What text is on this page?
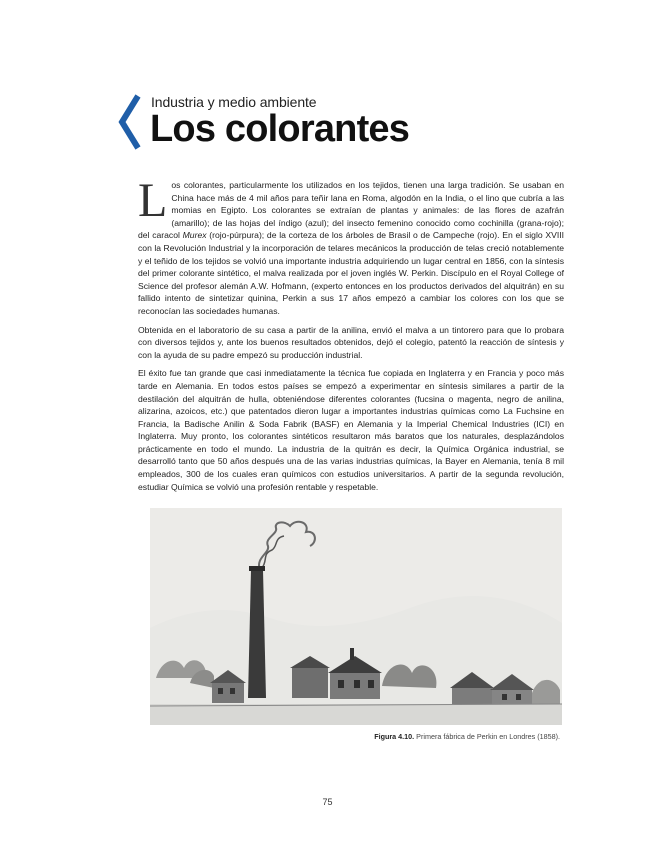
Industria y medio ambiente
Los colorantes

Los colorantes, particularmente los utilizados en los tejidos, tienen una larga tradición. Se usaban en China hace más de 4 mil años para teñir lana en Roma, algodón en la India, o el lino que cubría a las momias en Egipto. Los colorantes se extraían de plantas y animales: de las flores de azafrán (amarillo); de las hojas del índigo (azul); del insecto femenino conocido como cochinilla (grana-rojo); del caracol Murex (rojo-púrpura); de la corteza de los árboles de Brasil o de Campeche (rojo). En el siglo XVIII con la Revolución Industrial y la incorporación de telares mecánicos la producción de telas creció notablemente y el teñido de los tejidos se volvió una importante industria adquiriendo un lugar central en 1856, con la síntesis del primer colorante sintético, el malva realizada por el joven inglés W. Perkin. Discípulo en el Royal College of Science del profesor alemán A.W. Hofmann, (experto entonces en los productos derivados del alquitrán) en su fallido intento de sintetizar quinina, Perkin a sus 17 años empezó a cambiar los colores con los que se reconocían las sociedades humanas.

Obtenida en el laboratorio de su casa a partir de la anilina, envió el malva a un tintorero para que lo probara con diversos tejidos y, ante los buenos resultados obtenidos, dejó el colegio, patentó la reacción de síntesis y con la ayuda de su padre empezó su producción industrial.

El éxito fue tan grande que casi inmediatamente la técnica fue copiada en Inglaterra y en Francia y poco más tarde en Alemania. En todos estos países se empezó a experimentar en síntesis similares a partir de la destilación del alquitrán de hulla, obteniéndose diferentes colorantes (fucsina o magenta, negro de anilina, alizarina, azoicos, etc.) que patentados dieron lugar a importantes industrias químicas como La Fuchsine en Francia, la Badische Anilin & Soda Fabrik (BASF) en Alemania y la Imperial Chemical Industries (ICI) en Inglaterra. Muy pronto, los colorantes sintéticos resultaron más baratos que los naturales, desplazándolos prácticamente en todo el mundo. La industria de la quitrán es decir, la Química Orgánica industrial, se desarrolló tanto que 50 años después una de las varias industrias químicas, la Bayer en Alemania, tenía 8 mil empleados, 300 de los cuales eran químicos con estudios universitarios. A partir de la segunda revolución, estudiar Química se volvió una profesión rentable y respetable.

Figura 4.10. Primera fábrica de Perkin en Londres (1858).
75
